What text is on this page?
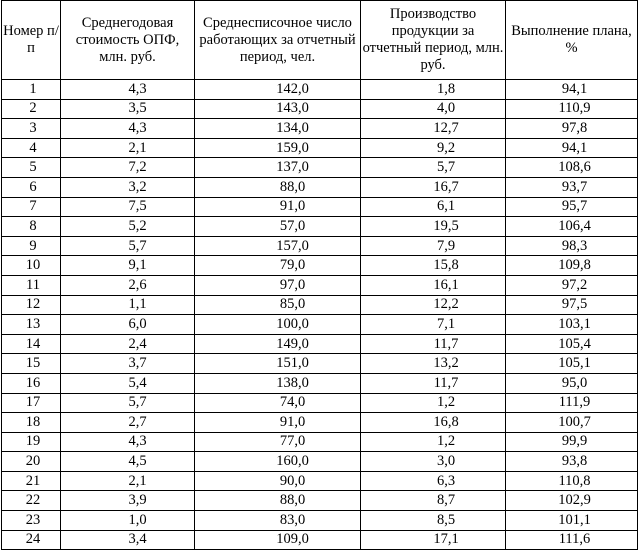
Номер п/п	Среднегодовая стоимость ОПФ, млн. руб.	Среднесписочное число работающих за отчетный период, чел.	Производство продукции за отчетный период, млн. руб.	Выполнение плана, %
1	4,3	142,0	1,8	94,1
2	3,5	143,0	4,0	110,9
3	4,3	134,0	12,7	97,8
4	2,1	159,0	9,2	94,1
5	7,2	137,0	5,7	108,6
6	3,2	88,0	16,7	93,7
7	7,5	91,0	6,1	95,7
8	5,2	57,0	19,5	106,4
9	5,7	157,0	7,9	98,3
10	9,1	79,0	15,8	109,8
11	2,6	97,0	16,1	97,2
12	1,1	85,0	12,2	97,5
13	6,0	100,0	7,1	103,1
14	2,4	149,0	11,7	105,4
15	3,7	151,0	13,2	105,1
16	5,4	138,0	11,7	95,0
17	5,7	74,0	1,2	111,9
18	2,7	91,0	16,8	100,7
19	4,3	77,0	1,2	99,9
20	4,5	160,0	3,0	93,8
21	2,1	90,0	6,3	110,8
22	3,9	88,0	8,7	102,9
23	1,0	83,0	8,5	101,1
24	3,4	109,0	17,1	111,6
